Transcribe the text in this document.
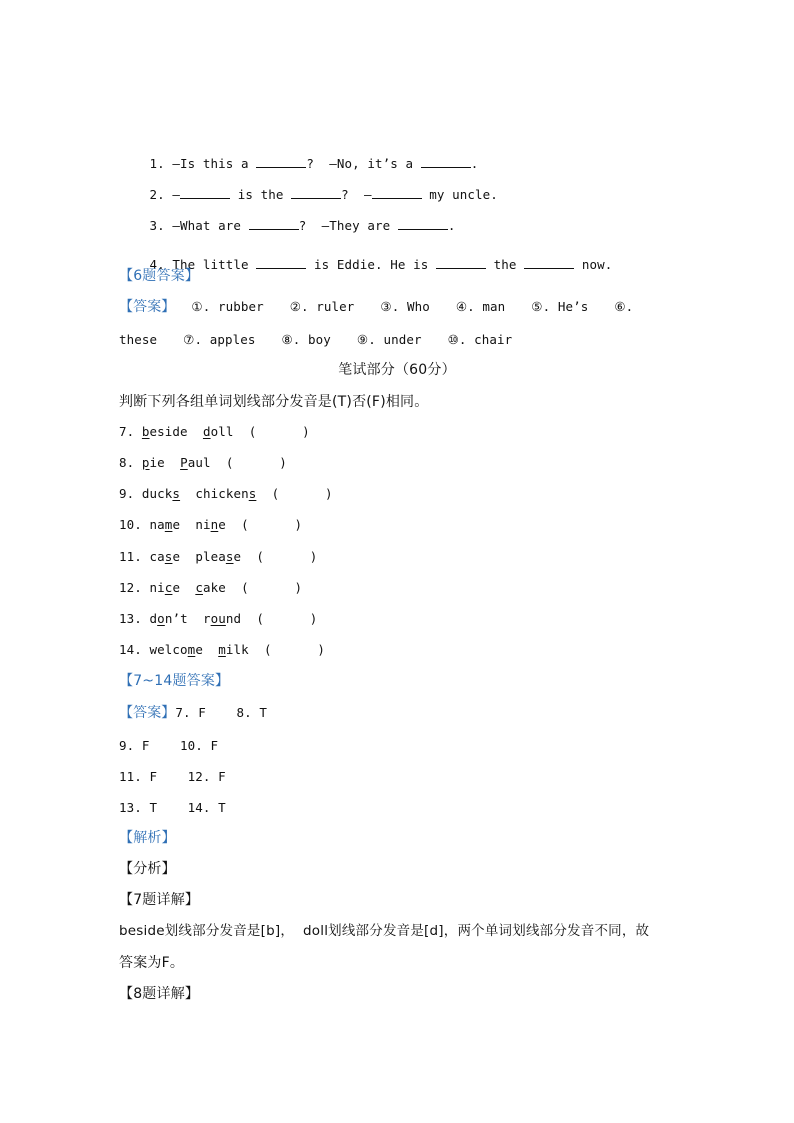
1. —Is this a	? —No, it’s a	.

2. —	is the	? —	my uncle.

3. —What are	? —They are	.

4. The little	is Eddie. He is	the	now.

【6题答案】
【答案】 ①. rubber ②. ruler ③. Who ④. man ⑤. He’s ⑥.
these ⑦. apples ⑧. boy ⑨. under ⑩. chair
笔试部分（60分）
判断下列各组单词划线部分发音是(T)否(F)相同。
7. beside doll (      )
8. pie Paul (      )
9. ducks chickens (      )
10. name nine (      )
11. case please (      )
12. nice cake (      )
13. don’t round (      )
14. welcome milk (      )
【7~14题答案】
【答案】7. F 8. T
9. F 10. F
11. F 12. F
13. T 14. T
【解析】
【分析】
【7题详解】
beside划线部分发音是[b]，  doll划线部分发音是[d]，两个单词划线部分发音不同，故
答案为F。
【8题详解】
